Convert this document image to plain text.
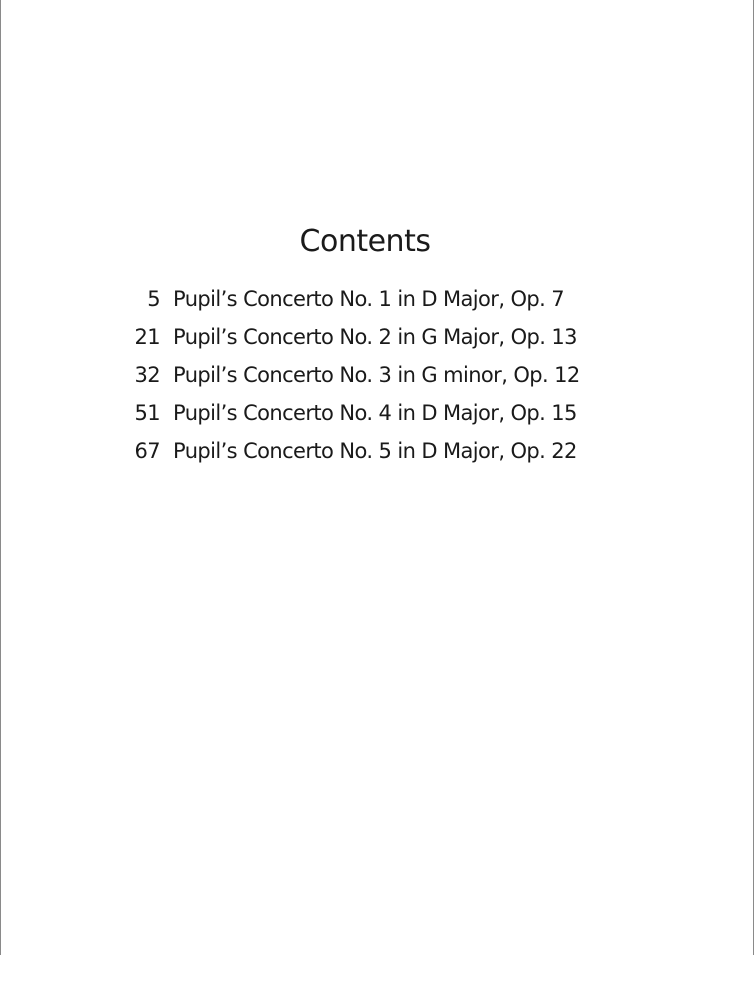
Contents
5 Pupil’s Concerto No. 1 in D Major, Op. 7
21 Pupil’s Concerto No. 2 in G Major, Op. 13
32 Pupil’s Concerto No. 3 in G minor, Op. 12
51 Pupil’s Concerto No. 4 in D Major, Op. 15
67 Pupil’s Concerto No. 5 in D Major, Op. 22
